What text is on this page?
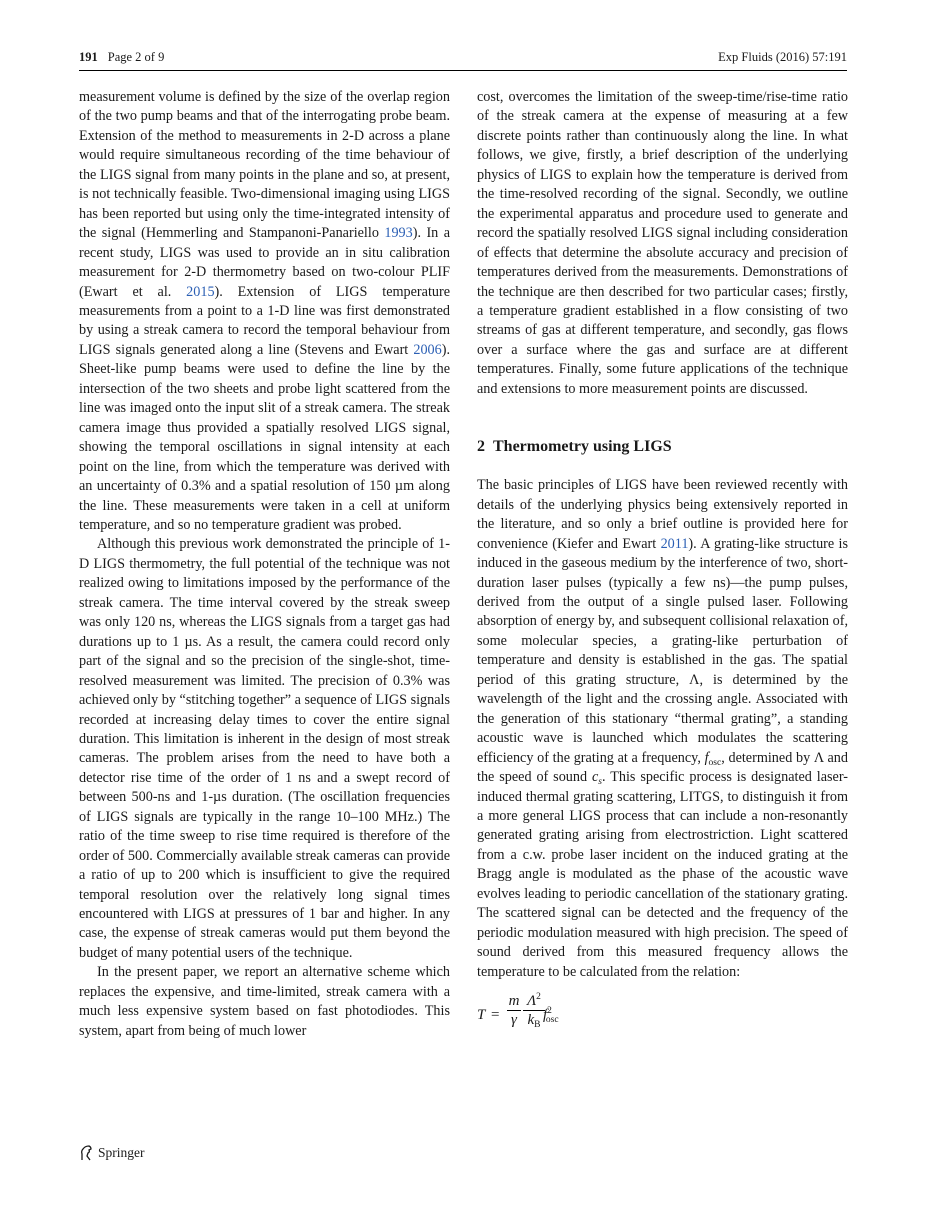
191 Page 2 of 9	Exp Fluids (2016) 57:191

measurement volume is defined by the size of the overlap region of the two pump beams and that of the interrogating probe beam. Extension of the method to measurements in 2-D across a plane would require simultaneous recording of the time behaviour of the LIGS signal from many points in the plane and so, at present, is not technically feasible. Two-dimensional imaging using LIGS has been reported but using only the time-integrated intensity of the signal (Hemmerling and Stampanoni-Panariello 1993). In a recent study, LIGS was used to provide an in situ calibration measurement for 2-D thermometry based on two-colour PLIF (Ewart et al. 2015). Extension of LIGS temperature measurements from a point to a 1-D line was first demonstrated by using a streak camera to record the temporal behaviour from LIGS signals generated along a line (Stevens and Ewart 2006). Sheet-like pump beams were used to define the line by the intersection of the two sheets and probe light scattered from the line was imaged onto the input slit of a streak camera. The streak camera image thus provided a spatially resolved LIGS signal, showing the temporal oscillations in signal intensity at each point on the line, from which the temperature was derived with an uncertainty of 0.3% and a spatial resolution of 150 µm along the line. These measurements were taken in a cell at uniform temperature, and so no temperature gradient was probed.

Although this previous work demonstrated the principle of 1-D LIGS thermometry, the full potential of the technique was not realized owing to limitations imposed by the performance of the streak camera. The time interval covered by the streak sweep was only 120 ns, whereas the LIGS signals from a target gas had durations up to 1 µs. As a result, the camera could record only part of the signal and so the precision of the single-shot, time-resolved measurement was limited. The precision of 0.3% was achieved only by “stitching together” a sequence of LIGS signals recorded at increasing delay times to cover the entire signal duration. This limitation is inherent in the design of most streak cameras. The problem arises from the need to have both a detector rise time of the order of 1 ns and a swept record of between 500-ns and 1-µs duration. (The oscillation frequencies of LIGS signals are typically in the range 10–100 MHz.) The ratio of the time sweep to rise time required is therefore of the order of 500. Commercially available streak cameras can provide a ratio of up to 200 which is insufficient to give the required temporal resolution over the relatively long signal times encountered with LIGS at pressures of 1 bar and higher. In any case, the expense of streak cameras would put them beyond the budget of many potential users of the technique.

In the present paper, we report an alternative scheme which replaces the expensive, and time-limited, streak camera with a much less expensive system based on fast photodiodes. This system, apart from being of much lower

cost, overcomes the limitation of the sweep-time/rise-time ratio of the streak camera at the expense of measuring at a few discrete points rather than continuously along the line. In what follows, we give, firstly, a brief description of the underlying physics of LIGS to explain how the temperature is derived from the time-resolved recording of the signal. Secondly, we outline the experimental apparatus and procedure used to generate and record the spatially resolved LIGS signal including consideration of effects that determine the absolute accuracy and precision of temperatures derived from the measurements. Demonstrations of the technique are then described for two particular cases; firstly, a temperature gradient established in a flow consisting of two streams of gas at different temperature, and secondly, gas flows over a surface where the gas and surface are at different temperatures. Finally, some future applications of the technique and extensions to more measurement points are discussed.

2 Thermometry using LIGS

The basic principles of LIGS have been reviewed recently with details of the underlying physics being extensively reported in the literature, and so only a brief outline is provided here for convenience (Kiefer and Ewart 2011). A grating-like structure is induced in the gaseous medium by the interference of two, short-duration laser pulses (typically a few ns)—the pump pulses, derived from the output of a single pulsed laser. Following absorption of energy by, and subsequent collisional relaxation of, some molecular species, a grating-like perturbation of temperature and density is established in the gas. The spatial period of this grating structure, Λ, is determined by the wavelength of the light and the crossing angle. Associated with the generation of this stationary “thermal grating”, a standing acoustic wave is launched which modulates the scattering efficiency of the grating at a frequency, $f_{osc}$, determined by Λ and the speed of sound $c_s$. This specific process is designated laser-induced thermal grating scattering, LITGS, to distinguish it from a more general LIGS process that can include a non-resonantly generated grating arising from electrostriction. Light scattered from a c.w. probe laser incident on the induced grating at the Bragg angle is modulated as the phase of the acoustic wave evolves leading to periodic cancellation of the stationary grating. The scattered signal can be detected and the frequency of the periodic modulation measured with high precision. The speed of sound derived from this measured frequency allows the temperature to be calculated from the relation:

T =
m
γ
$\Lambda^2$
$k_B$
$f^2_{osc}$
Springer
